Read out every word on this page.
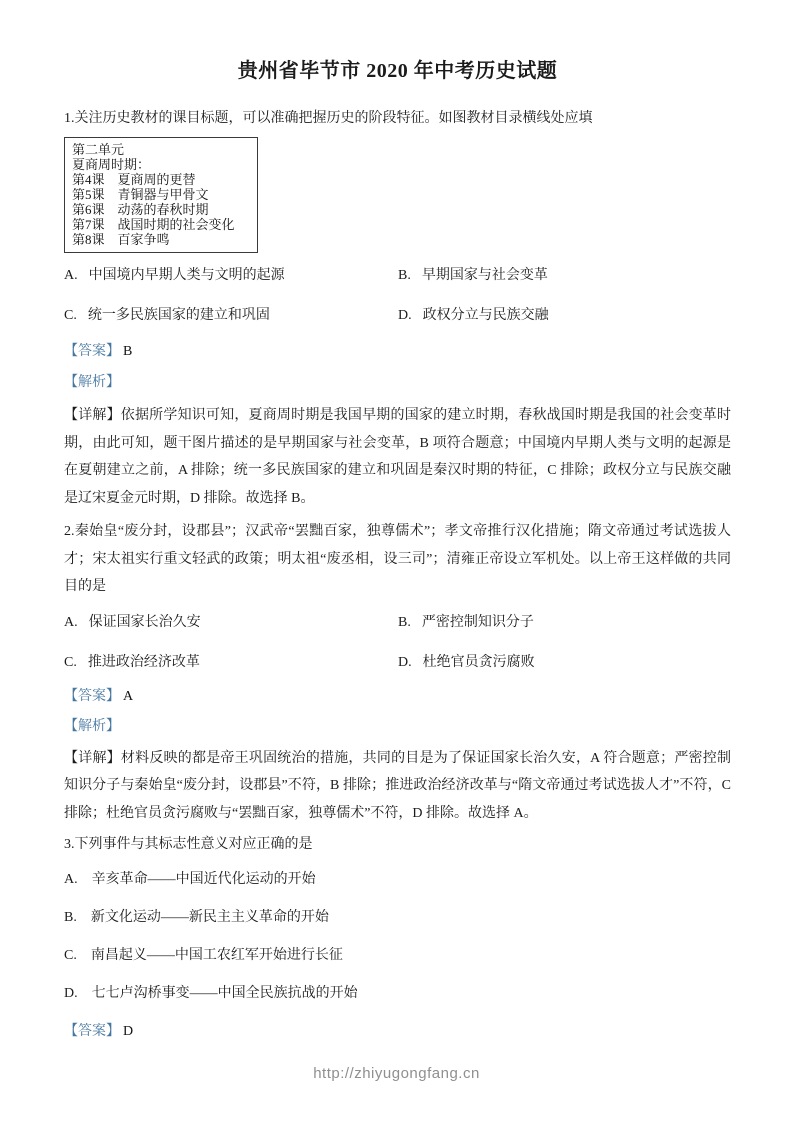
贵州省毕节市 2020 年中考历史试题

1.关注历史教材的课目标题，可以准确把握历史的阶段特征。如图教材目录横线处应填

第二单元
夏商周时期：
第4课　夏商周的更替
第5课　青铜器与甲骨文
第6课　动荡的春秋时期
第7课　战国时期的社会变化
第8课　百家争鸣
A. 中国境内早期人类与文明的起源	B. 早期国家与社会变革
C. 统一多民族国家的建立和巩固	D. 政权分立与民族交融

【答案】 B

【解析】

【详解】依据所学知识可知，夏商周时期是我国早期的国家的建立时期，春秋战国时期是我国的社会变革时期，由此可知，题干图片描述的是早期国家与社会变革，B 项符合题意；中国境内早期人类与文明的起源是在夏朝建立之前，A 排除；统一多民族国家的建立和巩固是秦汉时期的特征，C 排除；政权分立与民族交融是辽宋夏金元时期，D 排除。故选择 B。

2.秦始皇“废分封，设郡县”；汉武帝“罢黜百家，独尊儒术”；孝文帝推行汉化措施；隋文帝通过考试选拔人才；宋太祖实行重文轻武的政策；明太祖“废丞相，设三司”；清雍正帝设立军机处。以上帝王这样做的共同目的是

A. 保证国家长治久安	B. 严密控制知识分子
C. 推进政治经济改革	D. 杜绝官员贪污腐败

【答案】 A

【解析】

【详解】材料反映的都是帝王巩固统治的措施，共同的目是为了保证国家长治久安，A 符合题意；严密控制知识分子与秦始皇“废分封，设郡县”不符，B 排除；推进政治经济改革与“隋文帝通过考试选拔人才”不符，C 排除；杜绝官员贪污腐败与“罢黜百家，独尊儒术”不符，D 排除。故选择 A。

3.下列事件与其标志性意义对应正确的是

A. 辛亥革命——中国近代化运动的开始
B. 新文化运动——新民主主义革命的开始
C. 南昌起义——中国工农红军开始进行长征
D. 七七卢沟桥事变——中国全民族抗战的开始

【答案】 D

http://zhiyugongfang.cn
